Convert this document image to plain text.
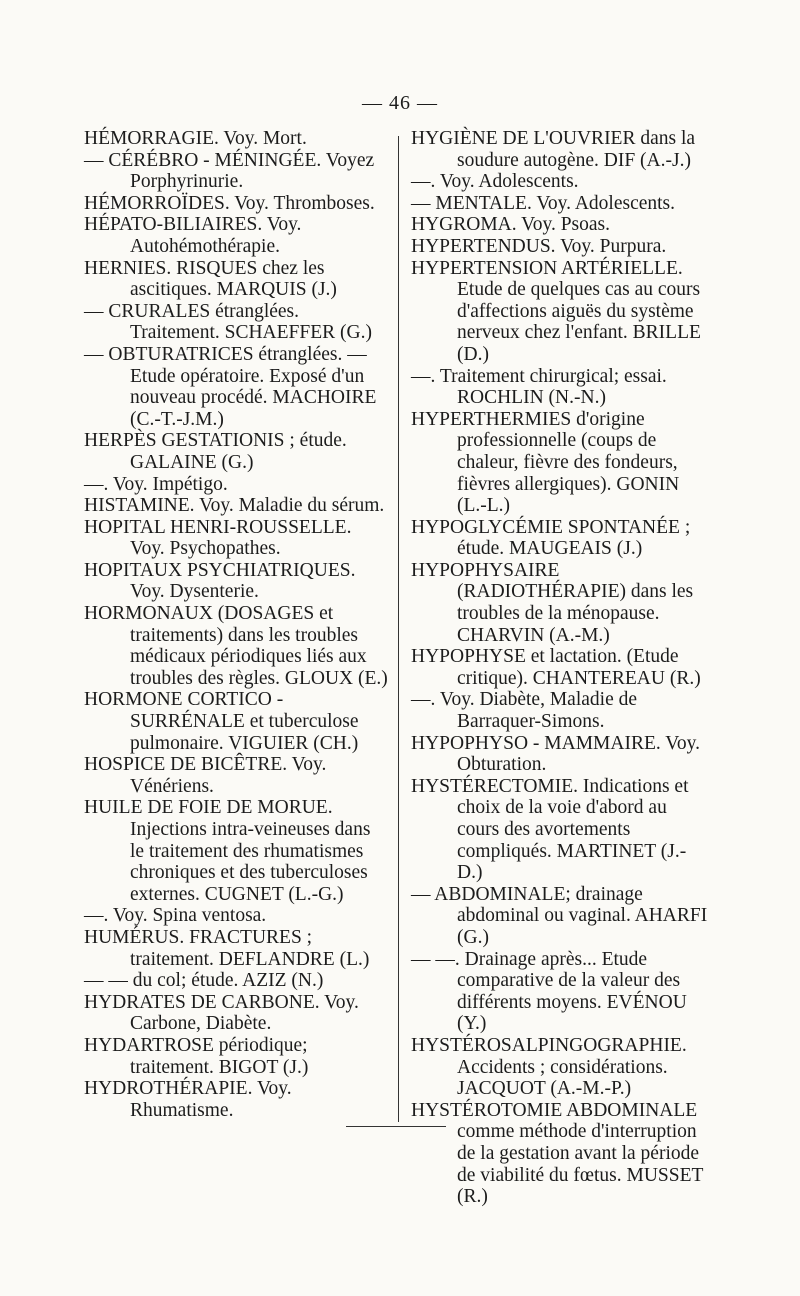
— 46 —
HÉMORRAGIE. Voy. Mort.
— CÉRÉBRO - MÉNINGÉE. Voyez Porphyrinurie.
HÉMORROÏDES. Voy. Thromboses.
HÉPATO-BILIAIRES. Voy. Autohémothérapie.
HERNIES. RISQUES chez les ascitiques. MARQUIS (J.)
— CRURALES étranglées. Traitement. SCHAEFFER (G.)
— OBTURATRICES étranglées. — Etude opératoire. Exposé d'un nouveau procédé. MACHOIRE (C.-T.-J.M.)
HERPÈS GESTATIONIS ; étude. GALAINE (G.)
—. Voy. Impétigo.
HISTAMINE. Voy. Maladie du sérum.
HOPITAL HENRI-ROUSSELLE. Voy. Psychopathes.
HOPITAUX PSYCHIATRIQUES. Voy. Dysenterie.
HORMONAUX (DOSAGES et traitements) dans les troubles médicaux périodiques liés aux troubles des règles. GLOUX (E.)
HORMONE CORTICO - SURRÉNALE et tuberculose pulmonaire. VIGUIER (CH.)
HOSPICE DE BICÊTRE. Voy. Vénériens.
HUILE DE FOIE DE MORUE. Injections intra-veineuses dans le traitement des rhumatismes chroniques et des tuberculoses externes. CUGNET (L.-G.)
—. Voy. Spina ventosa.
HUMÉRUS. FRACTURES ; traitement. DEFLANDRE (L.)
— — du col; étude. AZIZ (N.)
HYDRATES DE CARBONE. Voy. Carbone, Diabète.
HYDARTROSE périodique; traitement. BIGOT (J.)
HYDROTHÉRAPIE. Voy. Rhumatisme.
HYGIÈNE DE L'OUVRIER dans la soudure autogène. DIF (A.-J.)
—. Voy. Adolescents.
— MENTALE. Voy. Adolescents.
HYGROMA. Voy. Psoas.
HYPERTENDUS. Voy. Purpura.
HYPERTENSION ARTÉRIELLE. Etude de quelques cas au cours d'affections aiguës du système nerveux chez l'enfant. BRILLE (D.)
—. Traitement chirurgical; essai. ROCHLIN (N.-N.)
HYPERTHERMIES d'origine professionnelle (coups de chaleur, fièvre des fondeurs, fièvres allergiques). GONIN (L.-L.)
HYPOGLYCÉMIE SPONTANÉE ; étude. MAUGEAIS (J.)
HYPOPHYSAIRE (RADIOTHÉRAPIE) dans les troubles de la ménopause. CHARVIN (A.-M.)
HYPOPHYSE et lactation. (Etude critique). CHANTEREAU (R.)
—. Voy. Diabète, Maladie de Barraquer-Simons.
HYPOPHYSO - MAMMAIRE. Voy. Obturation.
HYSTÉRECTOMIE. Indications et choix de la voie d'abord au cours des avortements compliqués. MARTINET (J.-D.)
— ABDOMINALE; drainage abdominal ou vaginal. AHARFI (G.)
— —. Drainage après... Etude comparative de la valeur des différents moyens. EVÉNOU (Y.)
HYSTÉROSALPINGOGRAPHIE. Accidents ; considérations. JACQUOT (A.-M.-P.)
HYSTÉROTOMIE ABDOMINALE comme méthode d'interruption de la gestation avant la période de viabilité du fœtus. MUSSET (R.)
